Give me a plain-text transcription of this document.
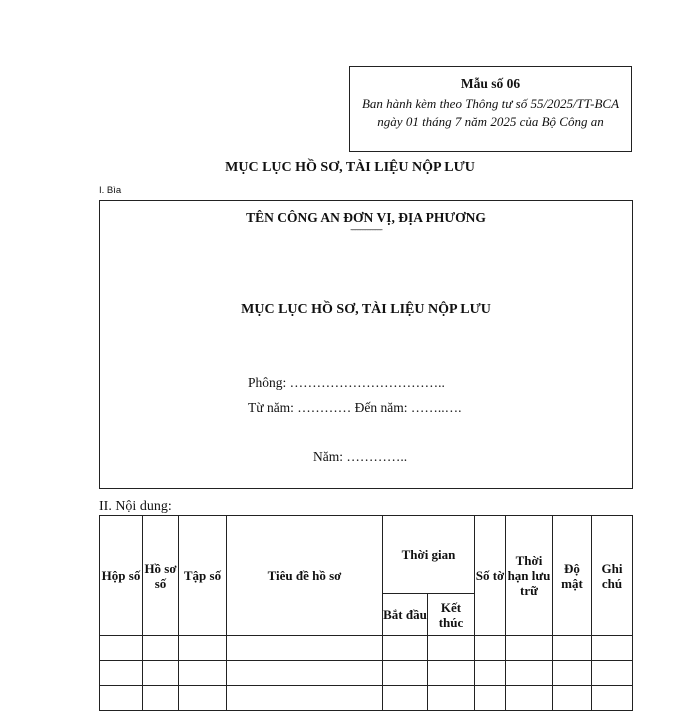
Mẫu số 06
Ban hành kèm theo Thông tư số 55/2025/TT-BCA ngày 01 tháng 7 năm 2025 của Bộ Công an
MỤC LỤC HỒ SƠ, TÀI LIỆU NỘP LƯU
I. Bìa
TÊN CÔNG AN ĐƠN VỊ, ĐỊA PHƯƠNG
-------------------
MỤC LỤC HỒ SƠ, TÀI LIỆU NỘP LƯU
Phông: ……………………………..
Từ năm: ………… Đến năm: ……..….
Năm: …………..
II. Nội dung:
Hộp số	Hồ sơ số	Tập số	Tiêu đề hồ sơ	Thời gian		Số tờ	Thời hạn lưu trữ	Độ mật	Ghi chú
				Bắt đầu	Kết thúc				
